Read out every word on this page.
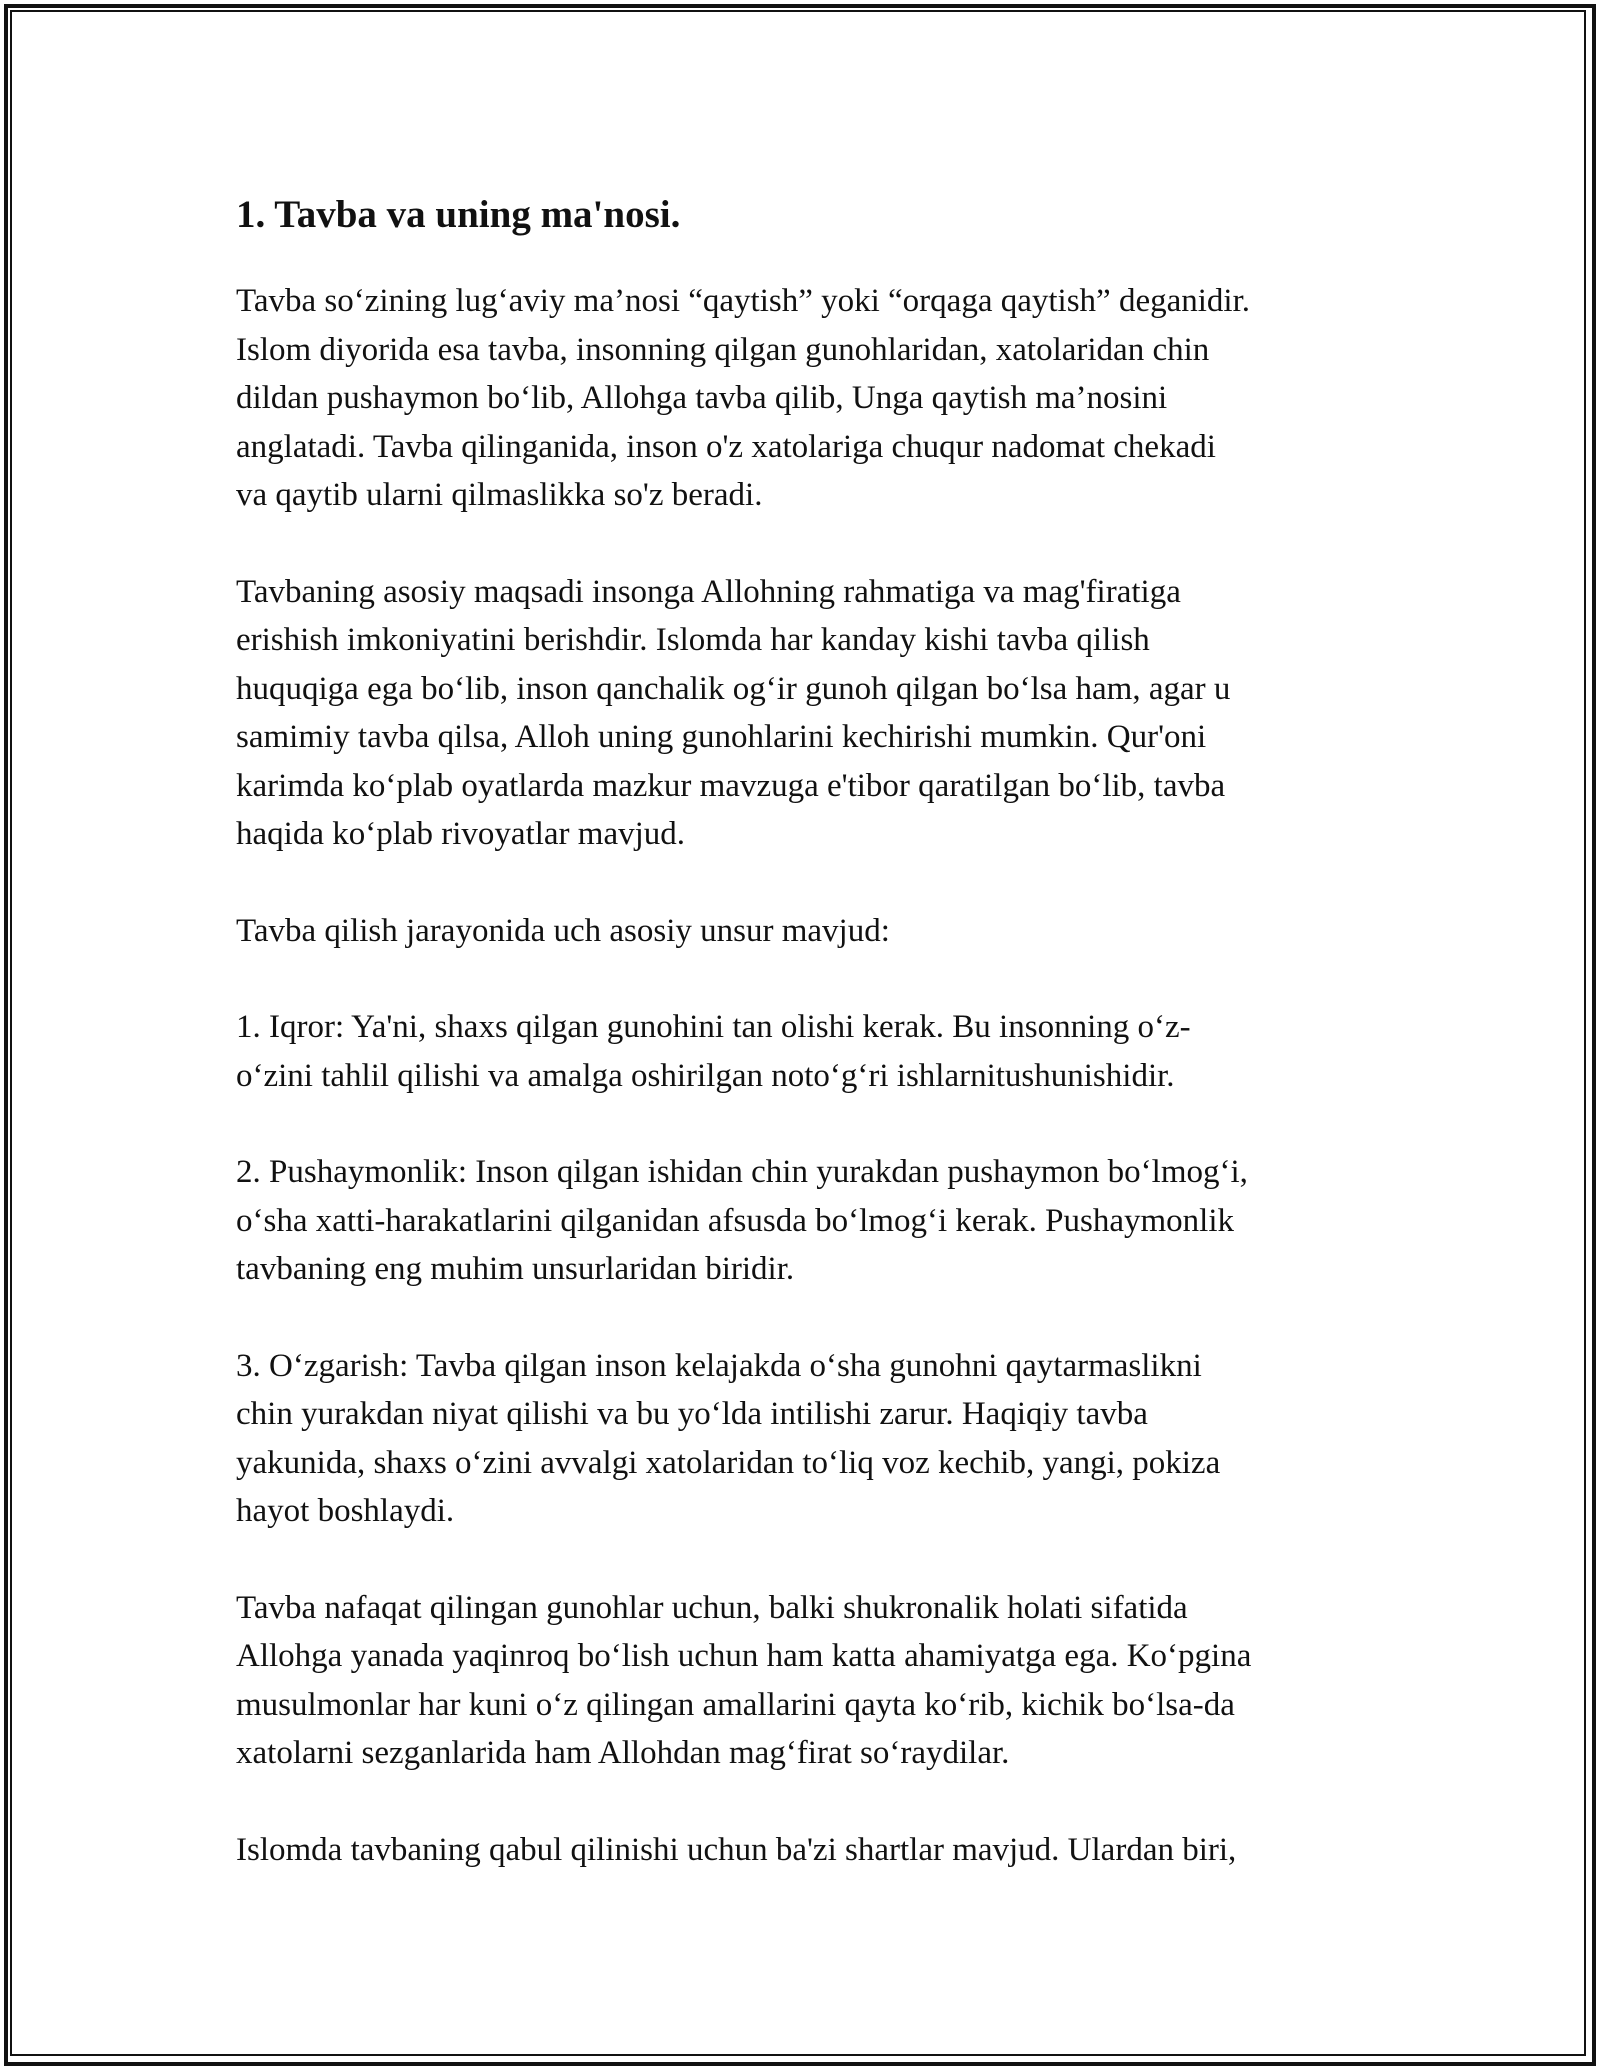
1. Tavba va uning ma'nosi.

Tavba so‘zining lug‘aviy ma’nosi “qaytish” yoki “orqaga qaytish” deganidir.
Islom diyorida esa tavba, insonning qilgan gunohlaridan, xatolaridan chin
dildan pushaymon bo‘lib, Allohga tavba qilib, Unga qaytish ma’nosini
anglatadi. Tavba qilinganida, inson o'z xatolariga chuqur nadomat chekadi
va qaytib ularni qilmaslikka so'z beradi.

Tavbaning asosiy maqsadi insonga Allohning rahmatiga va mag'firatiga
erishish imkoniyatini berishdir. Islomda har kanday kishi tavba qilish
huquqiga ega bo‘lib, inson qanchalik og‘ir gunoh qilgan bo‘lsa ham, agar u
samimiy tavba qilsa, Alloh uning gunohlarini kechirishi mumkin. Qur'oni
karimda ko‘plab oyatlarda mazkur mavzuga e'tibor qaratilgan bo‘lib, tavba
haqida ko‘plab rivoyatlar mavjud.

Tavba qilish jarayonida uch asosiy unsur mavjud:

1. Iqror: Ya'ni, shaxs qilgan gunohini tan olishi kerak. Bu insonning o‘z-
o‘zini tahlil qilishi va amalga oshirilgan noto‘g‘ri ishlarnitushunishidir.

2. Pushaymonlik: Inson qilgan ishidan chin yurakdan pushaymon bo‘lmog‘i,
o‘sha xatti-harakatlarini qilganidan afsusda bo‘lmog‘i kerak. Pushaymonlik
tavbaning eng muhim unsurlaridan biridir.

3. O‘zgarish: Tavba qilgan inson kelajakda o‘sha gunohni qaytarmaslikni
chin yurakdan niyat qilishi va bu yo‘lda intilishi zarur. Haqiqiy tavba
yakunida, shaxs o‘zini avvalgi xatolaridan to‘liq voz kechib, yangi, pokiza
hayot boshlaydi.

Tavba nafaqat qilingan gunohlar uchun, balki shukronalik holati sifatida
Allohga yanada yaqinroq bo‘lish uchun ham katta ahamiyatga ega. Ko‘pgina
musulmonlar har kuni o‘z qilingan amallarini qayta ko‘rib, kichik bo‘lsa-da
xatolarni sezganlarida ham Allohdan mag‘firat so‘raydilar.

Islomda tavbaning qabul qilinishi uchun ba'zi shartlar mavjud. Ulardan biri,
